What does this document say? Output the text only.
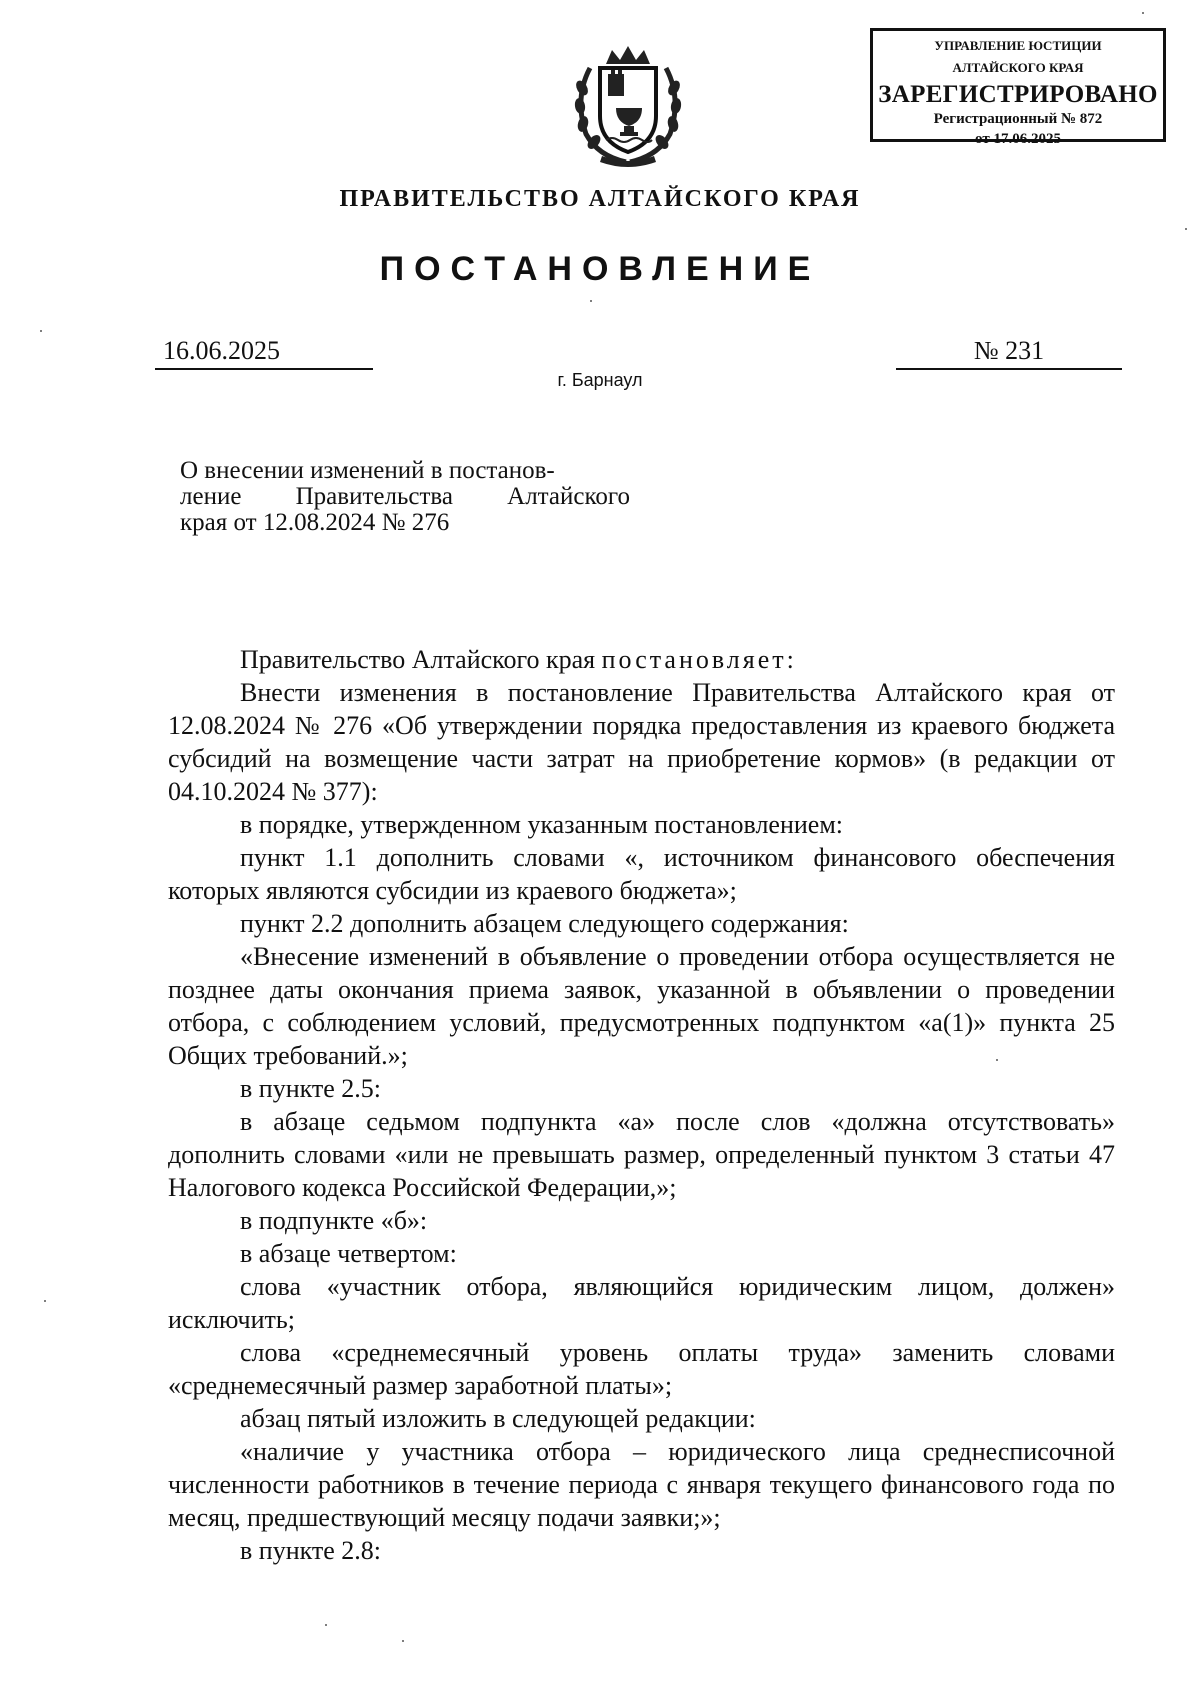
УПРАВЛЕНИЕ ЮСТИЦИИ
АЛТАЙСКОГО КРАЯ
ЗАРЕГИСТРИРОВАНО
Регистрационный № 872
от 17.06.2025
ПРАВИТЕЛЬСТВО АЛТАЙСКОГО КРАЯ
ПОСТАНОВЛЕНИЕ
16.06.2025	№ 231
г. Барнаул
О внесении изменений в постанов-
ление Правительства Алтайского
края от 12.08.2024 № 276

Правительство Алтайского края постановляет:

Внести изменения в постановление Правительства Алтайского края от 12.08.2024 № 276 «Об утверждении порядка предоставления из краевого бюджета субсидий на возмещение части затрат на приобретение кормов» (в редакции от 04.10.2024 № 377):

в порядке, утвержденном указанным постановлением:

пункт 1.1 дополнить словами «, источником финансового обеспечения которых являются субсидии из краевого бюджета»;

пункт 2.2 дополнить абзацем следующего содержания:

«Внесение изменений в объявление о проведении отбора осуществляется не позднее даты окончания приема заявок, указанной в объявлении о проведении отбора, с соблюдением условий, предусмотренных подпунктом «а(1)» пункта 25 Общих требований.»;

в пункте 2.5:

в абзаце седьмом подпункта «а» после слов «должна отсутствовать» дополнить словами «или не превышать размер, определенный пунктом 3 статьи 47 Налогового кодекса Российской Федерации,»;

в подпункте «б»:

в абзаце четвертом:

слова «участник отбора, являющийся юридическим лицом, должен» исключить;

слова «среднемесячный уровень оплаты труда» заменить словами «среднемесячный размер заработной платы»;

абзац пятый изложить в следующей редакции:

«наличие у участника отбора – юридического лица среднесписочной численности работников в течение периода с января текущего финансового года по месяц, предшествующий месяцу подачи заявки;»;

в пункте 2.8:
